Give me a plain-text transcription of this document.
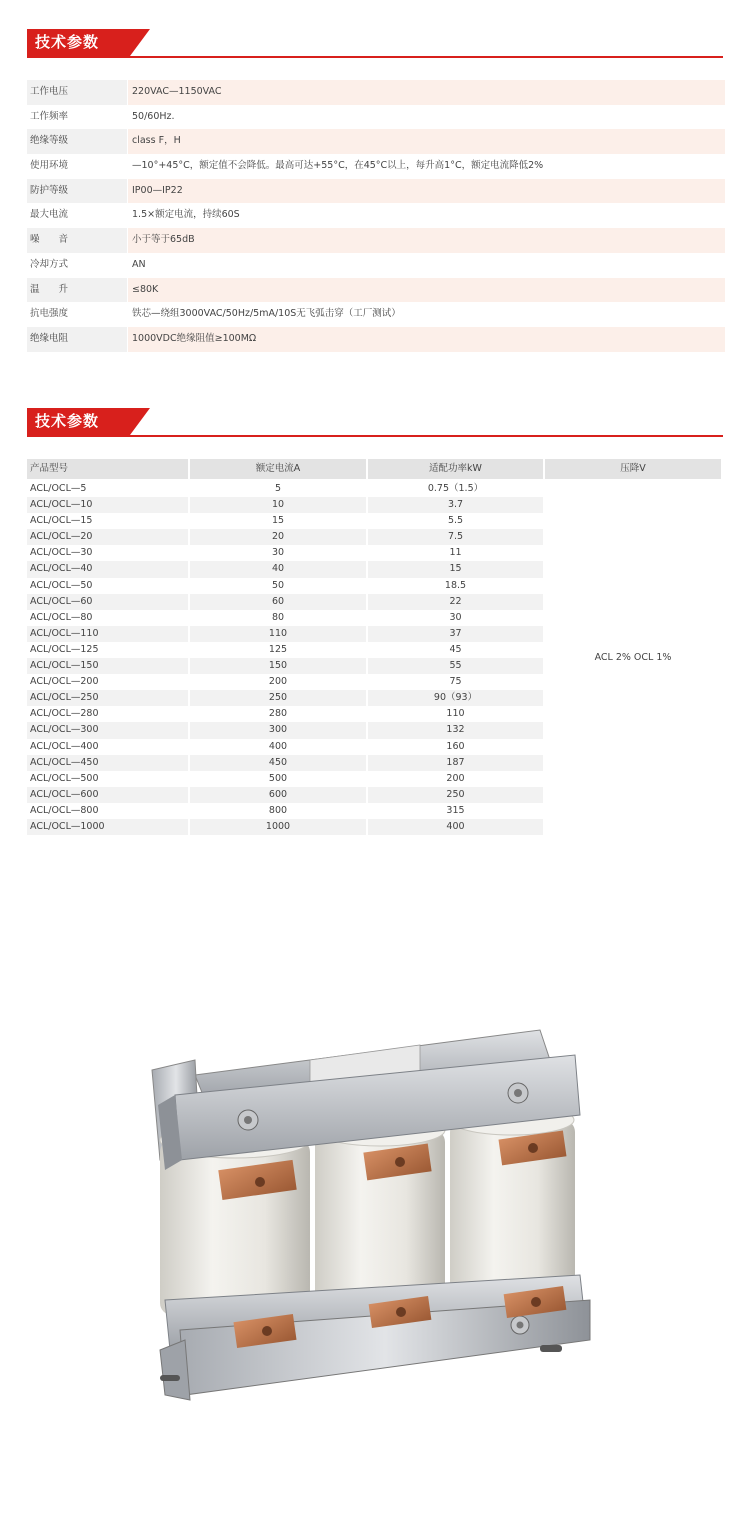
技术参数
工作电压	220VAC—1150VAC
工作频率	50/60Hz.
绝缘等级	class F，H
使用环境	—10°+45°C，额定值不会降低。最高可达+55°C，在45°C以上，每升高1°C，额定电流降低2%
防护等级	IP00—IP22
最大电流	1.5×额定电流，持续60S
噪　　音	小于等于65dB
冷却方式	AN
温　　升	≤80K
抗电强度	铁芯—绕组3000VAC/50Hz/5mA/10S无飞弧击穿（工厂测试）
绝缘电阻	1000VDC绝缘阻值≥100MΩ
技术参数
产品型号	额定电流A	适配功率kW	压降V
ACL/OCL—5	5	0.75（1.5）
ACL/OCL—10	10	3.7
ACL/OCL—15	15	5.5
ACL/OCL—20	20	7.5
ACL/OCL—30	30	11
ACL/OCL—40	40	15
ACL/OCL—50	50	18.5
ACL/OCL—60	60	22
ACL/OCL—80	80	30
ACL/OCL—110	110	37
ACL/OCL—125	125	45
ACL/OCL—150	150	55
ACL/OCL—200	200	75
ACL/OCL—250	250	90（93）
ACL/OCL—280	280	110
ACL/OCL—300	300	132
ACL/OCL—400	400	160
ACL/OCL—450	450	187
ACL/OCL—500	500	200
ACL/OCL—600	600	250
ACL/OCL—800	800	315
ACL/OCL—1000	1000	400
ACL 2% OCL 1%
